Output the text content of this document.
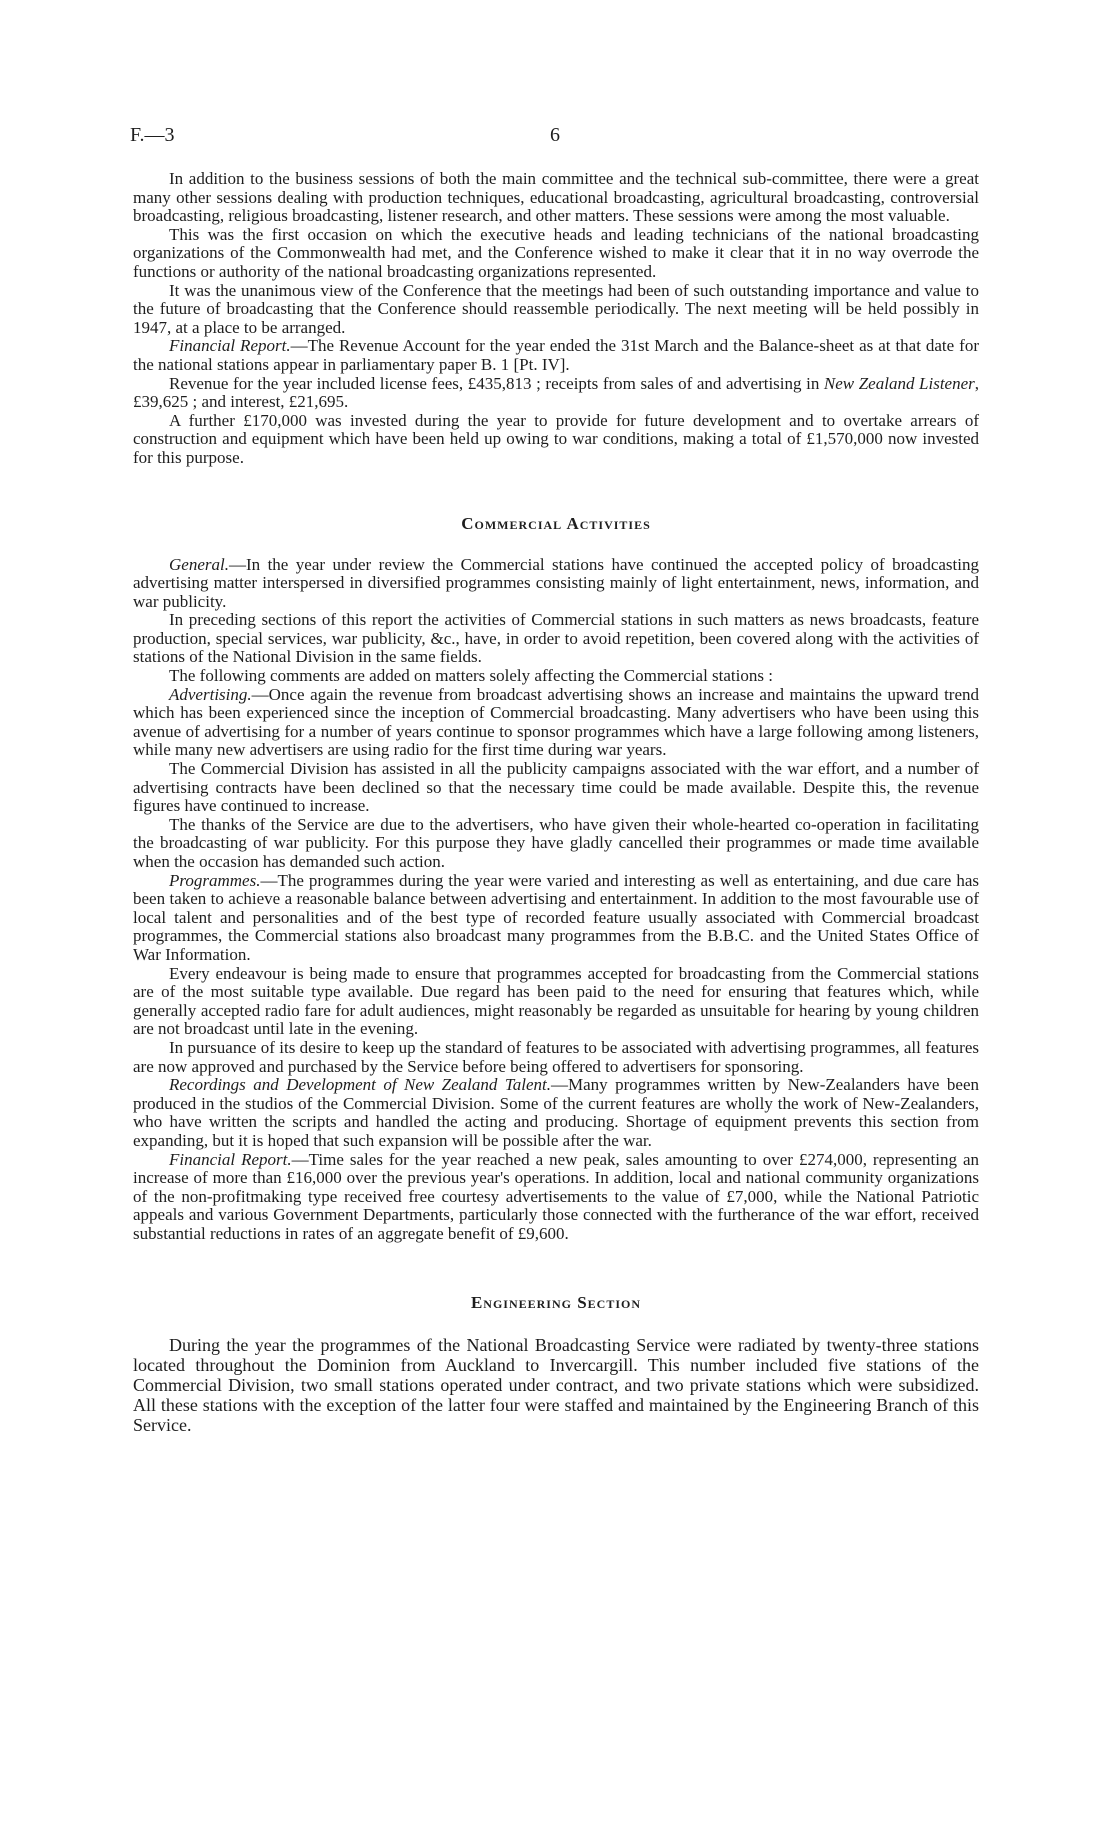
F.—3	6

In addition to the business sessions of both the main committee and the technical sub-committee, there were a great many other sessions dealing with production techniques, educational broadcasting, agricultural broadcasting, controversial broadcasting, religious broadcasting, listener research, and other matters. These sessions were among the most valuable.

This was the first occasion on which the executive heads and leading technicians of the national broadcasting organizations of the Commonwealth had met, and the Conference wished to make it clear that it in no way overrode the functions or authority of the national broadcasting organizations represented.

It was the unanimous view of the Conference that the meetings had been of such outstanding importance and value to the future of broadcasting that the Conference should reassemble periodically. The next meeting will be held possibly in 1947, at a place to be arranged.

Financial Report.—The Revenue Account for the year ended the 31st March and the Balance-sheet as at that date for the national stations appear in parliamentary paper B. 1 [Pt. IV].

Revenue for the year included license fees, £435,813 ; receipts from sales of and advertising in New Zealand Listener, £39,625 ; and interest, £21,695.

A further £170,000 was invested during the year to provide for future development and to overtake arrears of construction and equipment which have been held up owing to war conditions, making a total of £1,570,000 now invested for this purpose.

Commercial Activities

General.—In the year under review the Commercial stations have continued the accepted policy of broadcasting advertising matter interspersed in diversified programmes consisting mainly of light entertainment, news, information, and war publicity.

In preceding sections of this report the activities of Commercial stations in such matters as news broadcasts, feature production, special services, war publicity, &c., have, in order to avoid repetition, been covered along with the activities of stations of the National Division in the same fields.

The following comments are added on matters solely affecting the Commercial stations :

Advertising.—Once again the revenue from broadcast advertising shows an increase and maintains the upward trend which has been experienced since the inception of Commercial broadcasting. Many advertisers who have been using this avenue of advertising for a number of years continue to sponsor programmes which have a large following among listeners, while many new advertisers are using radio for the first time during war years.

The Commercial Division has assisted in all the publicity campaigns associated with the war effort, and a number of advertising contracts have been declined so that the necessary time could be made available. Despite this, the revenue figures have continued to increase.

The thanks of the Service are due to the advertisers, who have given their whole-hearted co-operation in facilitating the broadcasting of war publicity. For this purpose they have gladly cancelled their programmes or made time available when the occasion has demanded such action.

Programmes.—The programmes during the year were varied and interesting as well as entertaining, and due care has been taken to achieve a reasonable balance between advertising and entertainment. In addition to the most favourable use of local talent and personalities and of the best type of recorded feature usually associated with Commercial broadcast programmes, the Commercial stations also broadcast many programmes from the B.B.C. and the United States Office of War Information.

Every endeavour is being made to ensure that programmes accepted for broadcasting from the Commercial stations are of the most suitable type available. Due regard has been paid to the need for ensuring that features which, while generally accepted radio fare for adult audiences, might reasonably be regarded as unsuitable for hearing by young children are not broadcast until late in the evening.

In pursuance of its desire to keep up the standard of features to be associated with advertising programmes, all features are now approved and purchased by the Service before being offered to advertisers for sponsoring.

Recordings and Development of New Zealand Talent.—Many programmes written by New-Zealanders have been produced in the studios of the Commercial Division. Some of the current features are wholly the work of New-Zealanders, who have written the scripts and handled the acting and producing. Shortage of equipment prevents this section from expanding, but it is hoped that such expansion will be possible after the war.

Financial Report.—Time sales for the year reached a new peak, sales amounting to over £274,000, representing an increase of more than £16,000 over the previous year's operations. In addition, local and national community organizations of the non-profitmaking type received free courtesy advertisements to the value of £7,000, while the National Patriotic appeals and various Government Departments, particularly those connected with the furtherance of the war effort, received substantial reductions in rates of an aggregate benefit of £9,600.

Engineering Section

During the year the programmes of the National Broadcasting Service were radiated by twenty-three stations located throughout the Dominion from Auckland to Invercargill. This number included five stations of the Commercial Division, two small stations operated under contract, and two private stations which were subsidized. All these stations with the exception of the latter four were staffed and maintained by the Engineering Branch of this Service.
